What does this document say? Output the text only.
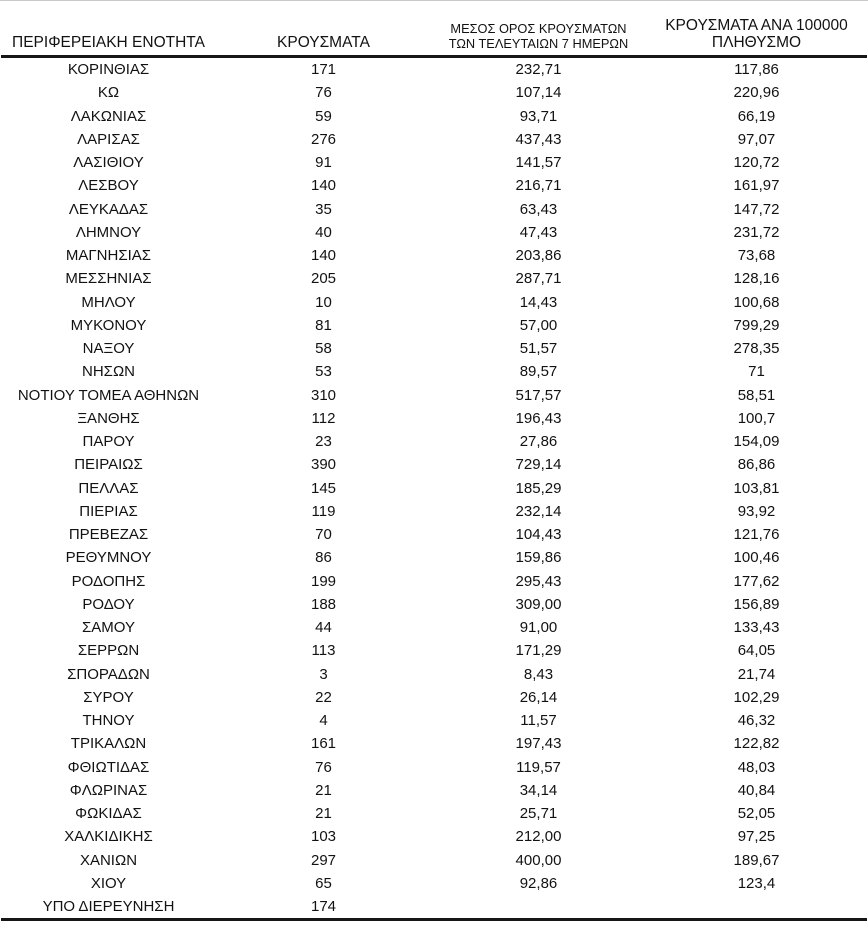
ΠΕΡΙΦΕΡΕΙΑΚΗ ΕΝΟΤΗΤΑ	ΚΡΟΥΣΜΑΤΑ	ΜΕΣΟΣ ΟΡΟΣ ΚΡΟΥΣΜΑΤΩΝ
ΤΩΝ ΤΕΛΕΥΤΑΙΩΝ 7 ΗΜΕΡΩΝ	ΚΡΟΥΣΜΑΤΑ ΑΝΑ 100000
ΠΛΗΘΥΣΜΟ

ΚΟΡΙΝΘΙΑΣ	171	232,71	117,86
ΚΩ	76	107,14	220,96
ΛΑΚΩΝΙΑΣ	59	93,71	66,19
ΛΑΡΙΣΑΣ	276	437,43	97,07
ΛΑΣΙΘΙΟΥ	91	141,57	120,72
ΛΕΣΒΟΥ	140	216,71	161,97
ΛΕΥΚΑΔΑΣ	35	63,43	147,72
ΛΗΜΝΟΥ	40	47,43	231,72
ΜΑΓΝΗΣΙΑΣ	140	203,86	73,68
ΜΕΣΣΗΝΙΑΣ	205	287,71	128,16
ΜΗΛΟΥ	10	14,43	100,68
ΜΥΚΟΝΟΥ	81	57,00	799,29
ΝΑΞΟΥ	58	51,57	278,35
ΝΗΣΩΝ	53	89,57	71
ΝΟΤΙΟΥ ΤΟΜΕΑ ΑΘΗΝΩΝ	310	517,57	58,51
ΞΑΝΘΗΣ	112	196,43	100,7
ΠΑΡΟΥ	23	27,86	154,09
ΠΕΙΡΑΙΩΣ	390	729,14	86,86
ΠΕΛΛΑΣ	145	185,29	103,81
ΠΙΕΡΙΑΣ	119	232,14	93,92
ΠΡΕΒΕΖΑΣ	70	104,43	121,76
ΡΕΘΥΜΝΟΥ	86	159,86	100,46
ΡΟΔΟΠΗΣ	199	295,43	177,62
ΡΟΔΟΥ	188	309,00	156,89
ΣΑΜΟΥ	44	91,00	133,43
ΣΕΡΡΩΝ	113	171,29	64,05
ΣΠΟΡΑΔΩΝ	3	8,43	21,74
ΣΥΡΟΥ	22	26,14	102,29
ΤΗΝΟΥ	4	11,57	46,32
ΤΡΙΚΑΛΩΝ	161	197,43	122,82
ΦΘΙΩΤΙΔΑΣ	76	119,57	48,03
ΦΛΩΡΙΝΑΣ	21	34,14	40,84
ΦΩΚΙΔΑΣ	21	25,71	52,05
ΧΑΛΚΙΔΙΚΗΣ	103	212,00	97,25
ΧΑΝΙΩΝ	297	400,00	189,67
ΧΙΟΥ	65	92,86	123,4
ΥΠΟ ΔΙΕΡΕΥΝΗΣΗ	174		
